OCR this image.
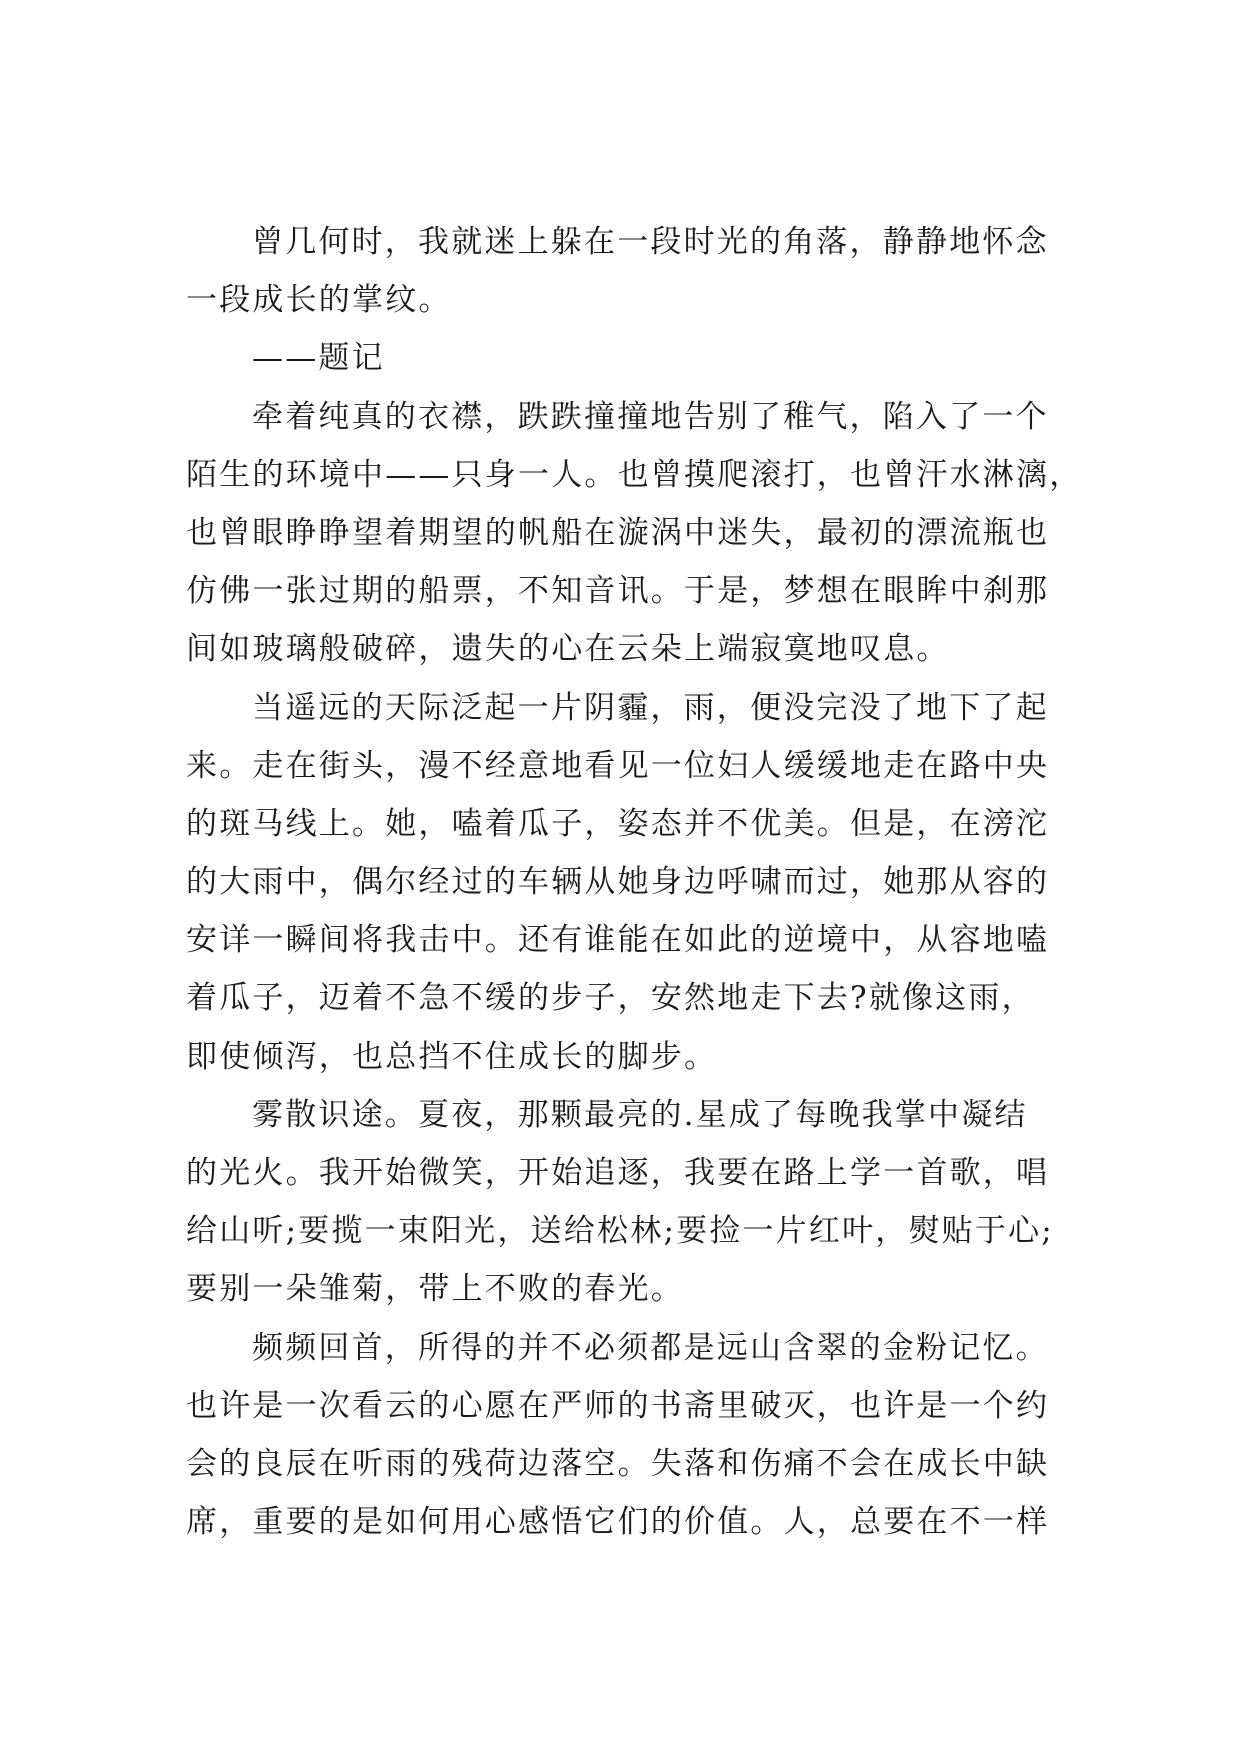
曾几何时，我就迷上躲在一段时光的角落，静静地怀念
一段成长的掌纹。
——题记
牵着纯真的衣襟，跌跌撞撞地告别了稚气，陷入了一个
陌生的环境中——只身一人。也曾摸爬滚打，也曾汗水淋漓，
也曾眼睁睁望着期望的帆船在漩涡中迷失，最初的漂流瓶也
仿佛一张过期的船票，不知音讯。于是，梦想在眼眸中刹那
间如玻璃般破碎，遗失的心在云朵上端寂寞地叹息。
当遥远的天际泛起一片阴霾，雨，便没完没了地下了起
来。走在街头，漫不经意地看见一位妇人缓缓地走在路中央
的斑马线上。她，嗑着瓜子，姿态并不优美。但是，在滂沱
的大雨中，偶尔经过的车辆从她身边呼啸而过，她那从容的
安详一瞬间将我击中。还有谁能在如此的逆境中，从容地嗑
着瓜子，迈着不急不缓的步子，安然地走下去?就像这雨，
即使倾泻，也总挡不住成长的脚步。
雾散识途。夏夜，那颗最亮的.星成了每晚我掌中凝结
的光火。我开始微笑，开始追逐，我要在路上学一首歌，唱
给山听;要揽一束阳光，送给松林;要捡一片红叶，熨贴于心;
要别一朵雏菊，带上不败的春光。
频频回首，所得的并不必须都是远山含翠的金粉记忆。
也许是一次看云的心愿在严师的书斋里破灭，也许是一个约
会的良辰在听雨的残荷边落空。失落和伤痛不会在成长中缺
席，重要的是如何用心感悟它们的价值。人，总要在不一样
